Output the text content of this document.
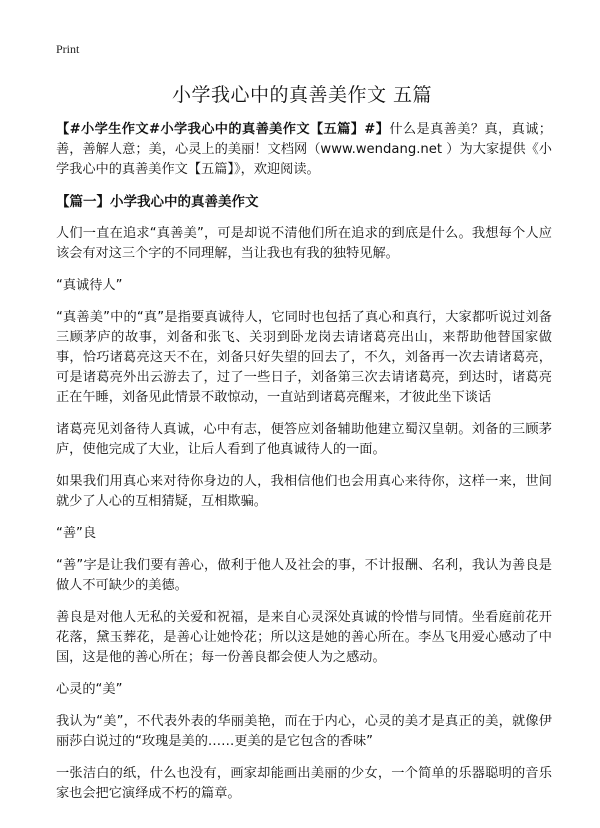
Print
小学我心中的真善美作文 五篇

【#小学生作文#小学我心中的真善美作文【五篇】#】什么是真善美？真，真诚；善，善解人意；美，心灵上的美丽！文档网（www.wendang.net ）为大家提供《小学我心中的真善美作文【五篇】》，欢迎阅读。

【篇一】小学我心中的真善美作文

人们一直在追求“真善美”，可是却说不清他们所在追求的到底是什么。我想每个人应该会有对这三个字的不同理解，当让我也有我的独特见解。

“真诚待人”

“真善美”中的“真”是指要真诚待人，它同时也包括了真心和真行，大家都听说过刘备三顾茅庐的故事，刘备和张飞、关羽到卧龙岗去请诸葛亮出山，来帮助他替国家做事，恰巧诸葛亮这天不在，刘备只好失望的回去了，不久，刘备再一次去请诸葛亮，可是诸葛亮外出云游去了，过了一些日子，刘备第三次去请诸葛亮，到达时，诸葛亮正在午睡，刘备见此情景不敢惊动，一直站到诸葛亮醒来，才彼此坐下谈话

诸葛亮见刘备待人真诚，心中有志，便答应刘备辅助他建立蜀汉皇朝。刘备的三顾茅庐，使他完成了大业，让后人看到了他真诚待人的一面。

如果我们用真心来对待你身边的人，我相信他们也会用真心来待你，这样一来，世间就少了人心的互相猜疑，互相欺骗。

“善”良

“善”字是让我们要有善心，做利于他人及社会的事，不计报酬、名利，我认为善良是做人不可缺少的美德。

善良是对他人无私的关爱和祝福，是来自心灵深处真诚的怜惜与同情。坐看庭前花开花落，黛玉葬花，是善心让她怜花；所以这是她的善心所在。李丛飞用爱心感动了中国，这是他的善心所在；每一份善良都会使人为之感动。

心灵的“美”

我认为“美”，不代表外表的华丽美艳，而在于内心，心灵的美才是真正的美，就像伊丽莎白说过的“玫瑰是美的……更美的是它包含的香味”

一张洁白的纸，什么也没有，画家却能画出美丽的少女，一个简单的乐器聪明的音乐家也会把它演绎成不朽的篇章。
